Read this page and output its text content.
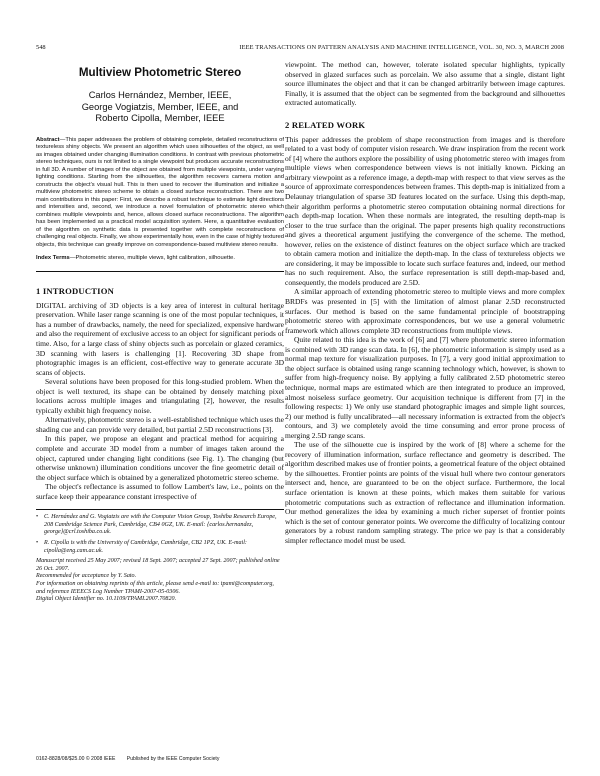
548	IEEE TRANSACTIONS ON PATTERN ANALYSIS AND MACHINE INTELLIGENCE, VOL. 30, NO. 3, MARCH 2008
Multiview Photometric Stereo
Carlos Hernández, Member, IEEE,
George Vogiatzis, Member, IEEE, and
Roberto Cipolla, Member, IEEE
Abstract—This paper addresses the problem of obtaining complete, detailed reconstructions of textureless shiny objects. We present an algorithm which uses silhouettes of the object, as well as images obtained under changing illumination conditions. In contrast with previous photometric stereo techniques, ours is not limited to a single viewpoint but produces accurate reconstructions in full 3D. A number of images of the object are obtained from multiple viewpoints, under varying lighting conditions. Starting from the silhouettes, the algorithm recovers camera motion and constructs the object's visual hull. This is then used to recover the illumination and initialize a multiview photometric stereo scheme to obtain a closed surface reconstruction. There are two main contributions in this paper: First, we describe a robust technique to estimate light directions and intensities and, second, we introduce a novel formulation of photometric stereo which combines multiple viewpoints and, hence, allows closed surface reconstructions. The algorithm has been implemented as a practical model acquisition system. Here, a quantitative evaluation of the algorithm on synthetic data is presented together with complete reconstructions of challenging real objects. Finally, we show experimentally how, even in the case of highly textured objects, this technique can greatly improve on correspondence-based multiview stereo results.
Index Terms—Photometric stereo, multiple views, light calibration, silhouette.
1 INTRODUCTION

DIGITAL archiving of 3D objects is a key area of interest in cultural heritage preservation. While laser range scanning is one of the most popular techniques, it has a number of drawbacks, namely, the need for specialized, expensive hardware and also the requirement of exclusive access to an object for significant periods of time. Also, for a large class of shiny objects such as porcelain or glazed ceramics, 3D scanning with lasers is challenging [1]. Recovering 3D shape from photographic images is an efficient, cost-effective way to generate accurate 3D scans of objects.

Several solutions have been proposed for this long-studied problem. When the object is well textured, its shape can be obtained by densely matching pixel locations across multiple images and triangulating [2], however, the results typically exhibit high frequency noise.

Alternatively, photometric stereo is a well-established technique which uses the shading cue and can provide very detailed, but partial 2.5D reconstructions [3].

In this paper, we propose an elegant and practical method for acquiring a complete and accurate 3D model from a number of images taken around the object, captured under changing light conditions (see Fig. 1). The changing (but otherwise unknown) illumination conditions uncover the fine geometric detail of the object surface which is obtained by a generalized photometric stereo scheme.

The object's reflectance is assumed to follow Lambert's law, i.e., points on the surface keep their appearance constant irrespective of

• C. Hernández and G. Vogiatzis are with the Computer Vision Group, Toshiba Research Europe, 208 Cambridge Science Park, Cambridge, CB4 0GZ, UK. E-mail: {carlos.hernandez, george}@crl.toshiba.co.uk.
• R. Cipolla is with the University of Cambridge, Cambridge, CB2 1PZ, UK. E-mail: cipolla@eng.cam.ac.uk.
Manuscript received 25 May 2007; revised 18 Sept. 2007; accepted 27 Sept. 2007; published online 26 Oct. 2007.
Recommended for acceptance by Y. Sato.
For information on obtaining reprints of this article, please send e-mail to: tpami@computer.org, and reference IEEECS Log Number TPAMI-2007-05-0306.
Digital Object Identifier no. 10.1109/TPAMI.2007.70820.

viewpoint. The method can, however, tolerate isolated specular highlights, typically observed in glazed surfaces such as porcelain. We also assume that a single, distant light source illuminates the object and that it can be changed arbitrarily between image captures. Finally, it is assumed that the object can be segmented from the background and silhouettes extracted automatically.

2 RELATED WORK

This paper addresses the problem of shape reconstruction from images and is therefore related to a vast body of computer vision research. We draw inspiration from the recent work of [4] where the authors explore the possibility of using photometric stereo with images from multiple views when correspondence between views is not initially known. Picking an arbitrary viewpoint as a reference image, a depth-map with respect to that view serves as the source of approximate correspondences between frames. This depth-map is initialized from a Delaunay triangulation of sparse 3D features located on the surface. Using this depth-map, their algorithm performs a photometric stereo computation obtaining normal directions for each depth-map location. When these normals are integrated, the resulting depth-map is closer to the true surface than the original. The paper presents high quality reconstructions and gives a theoretical argument justifying the convergence of the scheme. The method, however, relies on the existence of distinct features on the object surface which are tracked to obtain camera motion and initialize the depth-map. In the class of textureless objects we are considering, it may be impossible to locate such surface features and, indeed, our method has no such requirement. Also, the surface representation is still depth-map-based and, consequently, the models produced are 2.5D.

A similar approach of extending photometric stereo to multiple views and more complex BRDFs was presented in [5] with the limitation of almost planar 2.5D reconstructed surfaces. Our method is based on the same fundamental principle of bootstrapping photometric stereo with approximate correspondences, but we use a general volumetric framework which allows complete 3D reconstructions from multiple views.

Quite related to this idea is the work of [6] and [7] where photometric stereo information is combined with 3D range scan data. In [6], the photometric information is simply used as a normal map texture for visualization purposes. In [7], a very good initial approximation to the object surface is obtained using range scanning technology which, however, is shown to suffer from high-frequency noise. By applying a fully calibrated 2.5D photometric stereo technique, normal maps are estimated which are then integrated to produce an improved, almost noiseless surface geometry. Our acquisition technique is different from [7] in the following respects: 1) We only use standard photographic images and simple light sources, 2) our method is fully uncalibrated—all necessary information is extracted from the object's contours, and 3) we completely avoid the time consuming and error prone process of merging 2.5D range scans.

The use of the silhouette cue is inspired by the work of [8] where a scheme for the recovery of illumination information, surface reflectance and geometry is described. The algorithm described makes use of frontier points, a geometrical feature of the object obtained by the silhouettes. Frontier points are points of the visual hull where two contour generators intersect and, hence, are guaranteed to be on the object surface. Furthermore, the local surface orientation is known at these points, which makes them suitable for various photometric computations such as extraction of reflectance and illumination information. Our method generalizes the idea by examining a much richer superset of frontier points which is the set of contour generator points. We overcome the difficulty of localizing contour generators by a robust random sampling strategy. The price we pay is that a considerably simpler reflectance model must be used.

0162-8828/08/$25.00 © 2008 IEEE Published by the IEEE Computer Society
